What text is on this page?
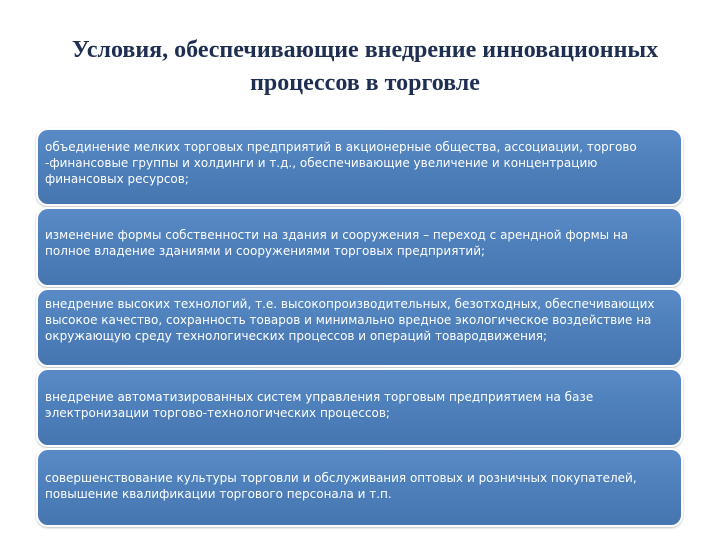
Условия, обеспечивающие внедрение инновационных процессов в торговле
объединение мелких торговых предприятий в акционерные общества, ассоциации, торгово -финансовые группы и холдинги и т.д., обеспечивающие увеличение и концентрацию финансовых ресурсов;
изменение формы собственности на здания и сооружения – переход с арендной формы на полное владение зданиями и сооружениями торговых предприятий;
внедрение высоких технологий, т.е. высокопроизводительных, безотходных, обеспечивающих высокое качество, сохранность товаров и минимально вредное экологическое воздействие на окружающую среду технологических процессов и операций товародвижения;
внедрение автоматизированных систем управления торговым предприятием на базе электронизации торгово-технологических процессов;
совершенствование культуры торговли и обслуживания оптовых и розничных покупателей, повышение квалификации торгового персонала и т.п.
